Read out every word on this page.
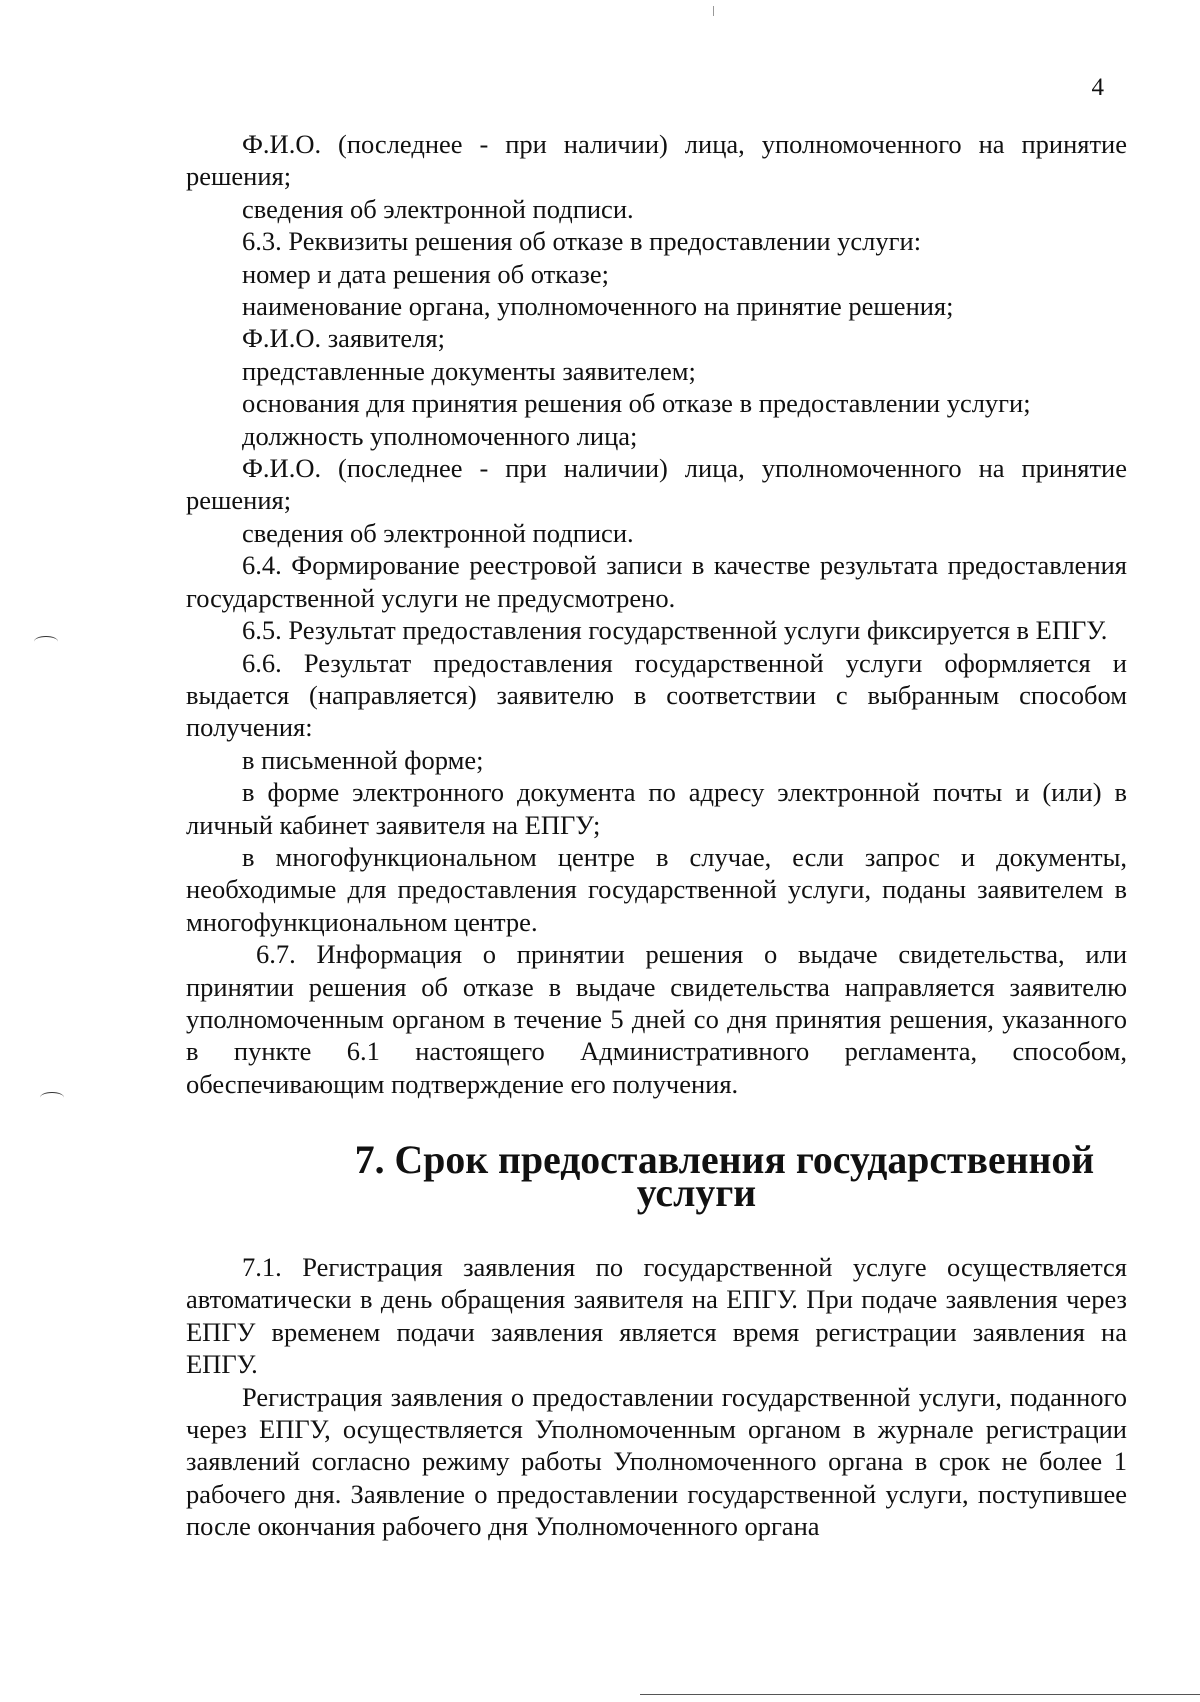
4

Ф.И.О. (последнее - при наличии) лица, уполномоченного на принятие решения;

сведения об электронной подписи.

6.3. Реквизиты решения об отказе в предоставлении услуги:

номер и дата решения об отказе;

наименование органа, уполномоченного на принятие решения;

Ф.И.О. заявителя;

представленные документы заявителем;

основания для принятия решения об отказе в предоставлении услуги;

должность уполномоченного лица;

Ф.И.О. (последнее - при наличии) лица, уполномоченного на принятие решения;

сведения об электронной подписи.

6.4. Формирование реестровой записи в качестве результата предоставления государственной услуги не предусмотрено.

6.5. Результат предоставления государственной услуги фиксируется в ЕПГУ.

6.6. Результат предоставления государственной услуги оформляется и выдается (направляется) заявителю в соответствии с выбранным способом получения:

в письменной форме;

в форме электронного документа по адресу электронной почты и (или) в личный кабинет заявителя на ЕПГУ;

в многофункциональном центре в случае, если запрос и документы, необходимые для предоставления государственной услуги, поданы заявителем в многофункциональном центре.

6.7. Информация о принятии решения о выдаче свидетельства, или принятии решения об отказе в выдаче свидетельства направляется заявителю уполномоченным органом в течение 5 дней со дня принятия решения, указанного в пункте 6.1 настоящего Административного регламента, способом, обеспечивающим подтверждение его получения.

7. Срок предоставления государственной услуги

7.1. Регистрация заявления по государственной услуге осуществляется автоматически в день обращения заявителя на ЕПГУ. При подаче заявления через ЕПГУ временем подачи заявления является время регистрации заявления на ЕПГУ.

Регистрация заявления о предоставлении государственной услуги, поданного через ЕПГУ, осуществляется Уполномоченным органом в журнале регистрации заявлений согласно режиму работы Уполномоченного органа в срок не более 1 рабочего дня. Заявление о предоставлении государственной услуги, поступившее после окончания рабочего дня Уполномоченного органа
